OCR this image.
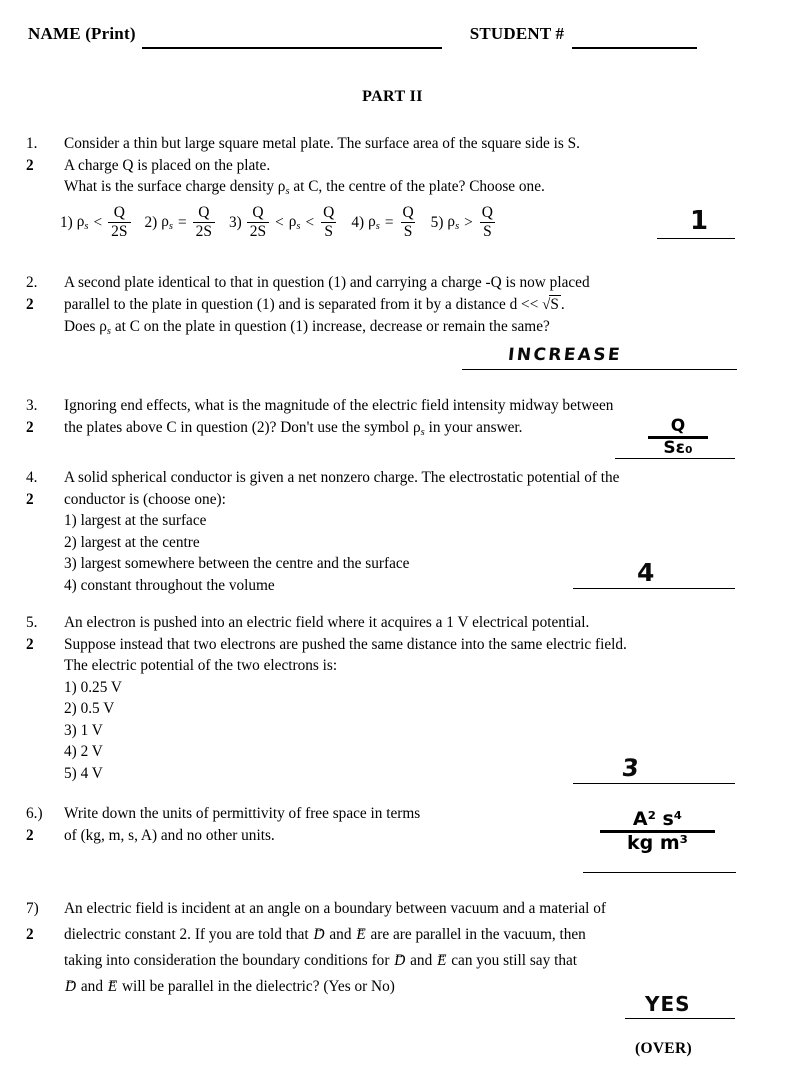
NAME (Print)	STUDENT #
PART II
1.	Consider a thin but large square metal plate. The surface area of the square side is S.
2	A charge Q is placed on the plate.
What is the surface charge density $\rho_s$ at C, the centre of the plate? Choose one.
1) $\rho_s < \frac{Q}{2S} 2$) $\rho_s = \frac{Q}{2S} 3) \frac{Q}{2S} < \rho_s < \frac{Q}{S} 4$) $\rho_s = \frac{Q}{S} 5$) $\rho_s > \frac{Q}{S}$	1
2.	A second plate identical to that in question (1) and carrying a charge -Q is now placed
2	parallel to the plate in question (1) and is separated from it by a distance d << √S .
Does $\rho_s$ at C on the plate in question (1) increase, decrease or remain the same?
INCREASE
3.	Ignoring end effects, what is the magnitude of the electric field intensity midway between
2	the plates above C in question (2)? Don't use the symbol $\rho_s$ in your answer.	$\frac{Q}{\text{Sε₀}}$
4.	A solid spherical conductor is given a net nonzero charge. The electrostatic potential of the
2	conductor is (choose one):
1) largest at the surface
2) largest at the centre
3) largest somewhere between the centre and the surface
4) constant throughout the volume	4
5.	An electron is pushed into an electric field where it acquires a 1 V electrical potential.
2	Suppose instead that two electrons are pushed the same distance into the same electric field.
The electric potential of the two electrons is:
1) 0.25 V
2) 0.5 V
3) 1 V
4) 2 V
5) 4 V	3
6.)	Write down the units of permittivity of free space in terms
2	of (kg, m, s, A) and no other units.	$\frac{\text{A² s⁴}}{\text{kg m³}}$
7)	An electric field is incident at an angle on a boundary between vacuum and a material of
2	dielectric constant 2. If you are told that → D and → E are are parallel in the vacuum, then
taking into consideration the boundary conditions for → D and → E can you still say that
→ D and → E will be parallel in the dielectric? (Yes or No)
YES
(OVER)
